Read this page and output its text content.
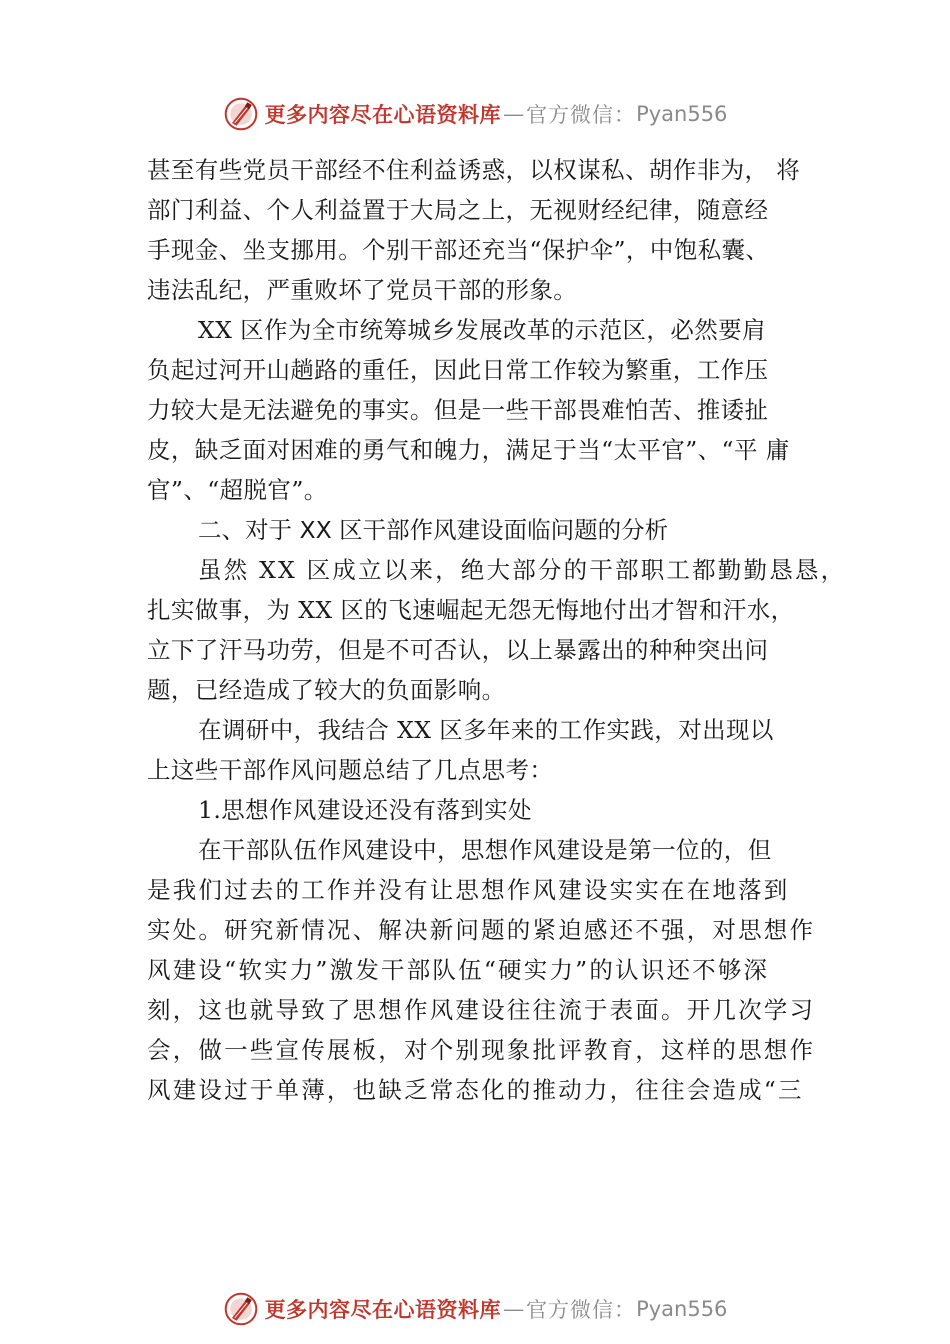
更多内容尽在心语资料库 — 官方微信： Pyan556
甚至有些党员干部经不住利益诱惑，以权谋私、胡作非为， 将
部门利益、个人利益置于大局之上，无视财经纪律，随意经
手现金、坐支挪用。个别干部还充当“保护伞”，中饱私囊、
违法乱纪，严重败坏了党员干部的形象。
XX 区作为全市统筹城乡发展改革的示范区，必然要肩
负起过河开山趟路的重任，因此日常工作较为繁重，工作压
力较大是无法避免的事实。但是一些干部畏难怕苦、推诿扯
皮，缺乏面对困难的勇气和魄力，满足于当“太平官”、“平 庸
官”、“超脱官”。
二、对于 XX 区干部作风建设面临问题的分析
虽然 XX 区成立以来，绝大部分的干部职工都勤勤恳恳，
扎实做事，为 XX 区的飞速崛起无怨无悔地付出才智和汗水，
立下了汗马功劳，但是不可否认，以上暴露出的种种突出问
题，已经造成了较大的负面影响。
在调研中，我结合 XX 区多年来的工作实践，对出现以
上这些干部作风问题总结了几点思考：
1.思想作风建设还没有落到实处
在干部队伍作风建设中，思想作风建设是第一位的，但
是我们过去的工作并没有让思想作风建设实实在在地落到
实处。研究新情况、解决新问题的紧迫感还不强，对思想作
风建设“软实力”激发干部队伍“硬实力”的认识还不够深
刻，这也就导致了思想作风建设往往流于表面。开几次学习
会，做一些宣传展板，对个别现象批评教育，这样的思想作
风建设过于单薄，也缺乏常态化的推动力，往往会造成“三
更多内容尽在心语资料库 — 官方微信： Pyan556
